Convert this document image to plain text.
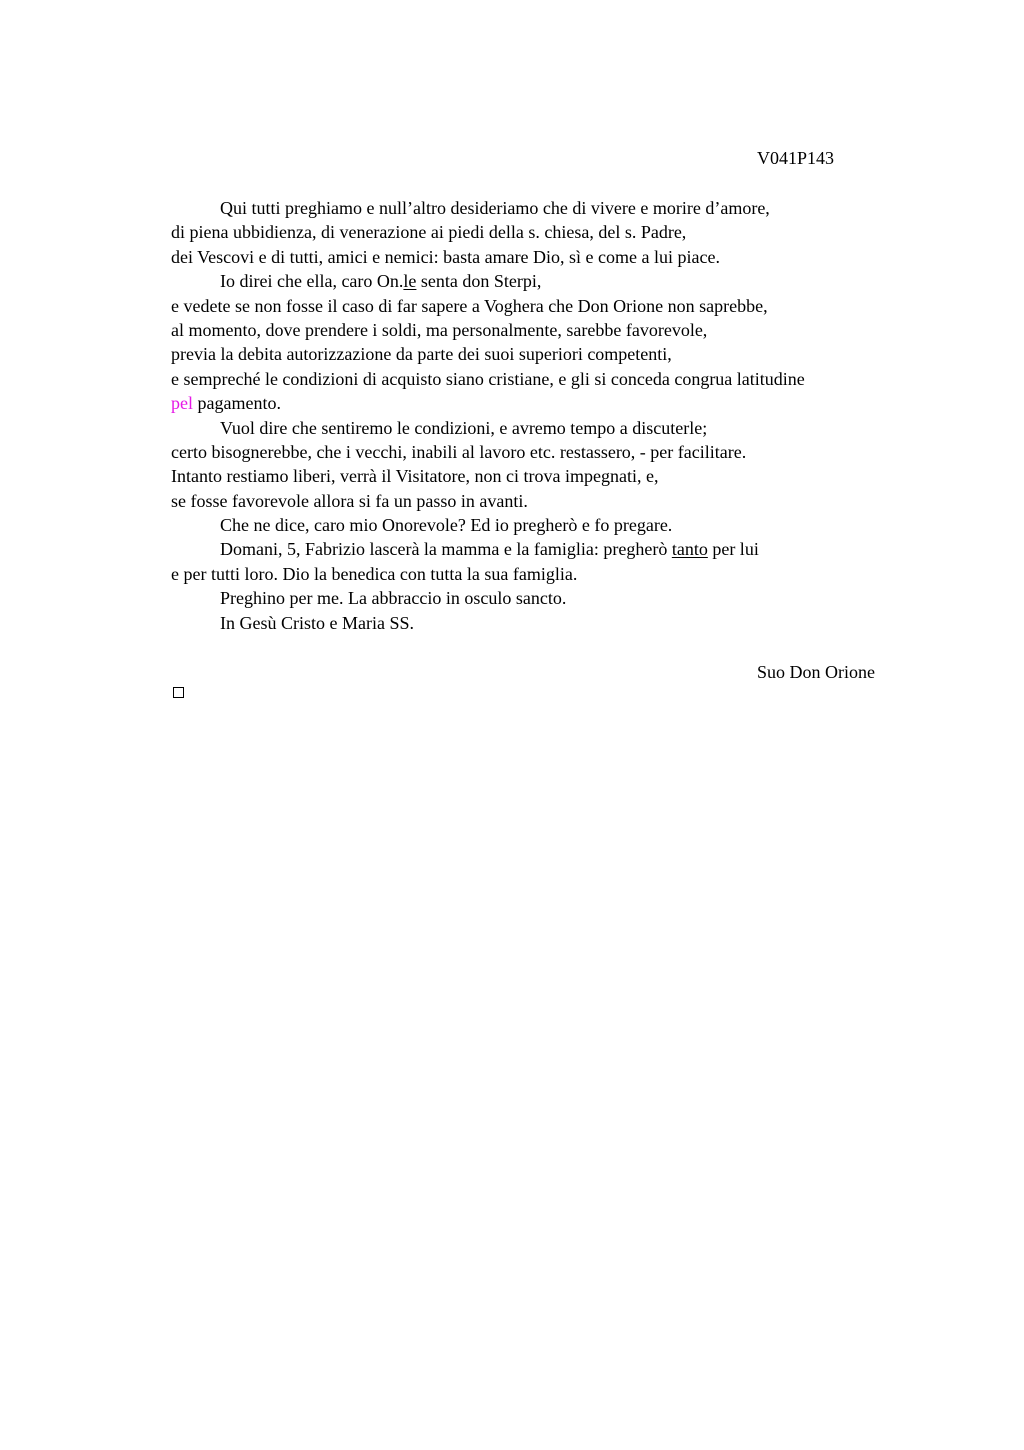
V041P143
Qui tutti preghiamo e null’altro desideriamo che di vivere e morire d’amore,
di piena ubbidienza, di venerazione ai piedi della s. chiesa, del s. Padre,
dei Vescovi e di tutti, amici e nemici: basta amare Dio, sì e come a lui piace.
Io direi che ella, caro On.le senta don Sterpi,
e vedete se non fosse il caso di far sapere a Voghera che Don Orione non saprebbe,
al momento, dove prendere i soldi, ma personalmente, sarebbe favorevole,
previa la debita autorizzazione da parte dei suoi superiori competenti,
e sempreché le condizioni di acquisto siano cristiane, e gli si conceda congrua latitudine
pel pagamento.
Vuol dire che sentiremo le condizioni, e avremo tempo a discuterle;
certo bisognerebbe, che i vecchi, inabili al lavoro etc. restassero, - per facilitare.
Intanto restiamo liberi, verrà il Visitatore, non ci trova impegnati, e,
se fosse favorevole allora si fa un passo in avanti.
Che ne dice, caro mio Onorevole? Ed io pregherò e fo pregare.
Domani, 5, Fabrizio lascerà la mamma e la famiglia: pregherò tanto per lui
e per tutti loro. Dio la benedica con tutta la sua famiglia.
Preghino per me. La abbraccio in osculo sancto.
In Gesù Cristo e Maria SS.
Suo Don Orione
